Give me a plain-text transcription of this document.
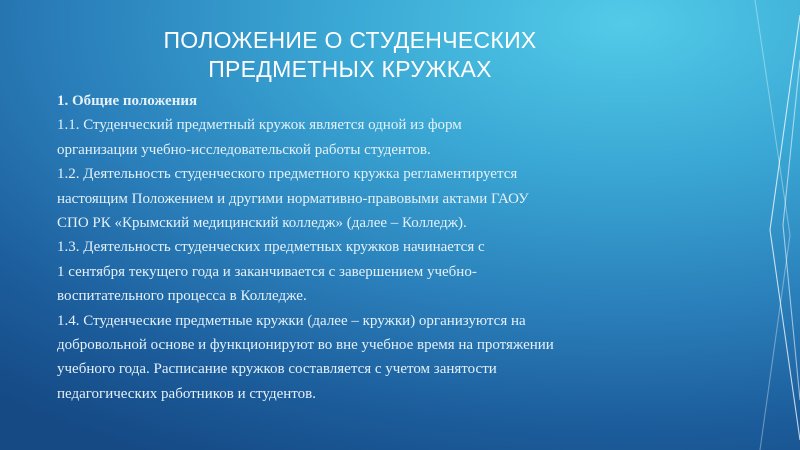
ПОЛОЖЕНИЕ О СТУДЕНЧЕСКИХ
ПРЕДМЕТНЫХ КРУЖКАХ
1. Общие положения
1.1. Студенческий предметный кружок является одной из форм
организации учебно-исследовательской работы студентов.
1.2. Деятельность студенческого предметного кружка регламентируется
настоящим Положением и другими нормативно-правовыми актами ГАОУ
СПО РК «Крымский медицинский колледж» (далее – Колледж).
1.3. Деятельность студенческих предметных кружков начинается с
1 сентября текущего года и заканчивается с завершением учебно-
воспитательного процесса в Колледже.
1.4. Студенческие предметные кружки (далее – кружки) организуются на
добровольной основе и функционируют во вне учебное время на протяжении
учебного года. Расписание кружков составляется с учетом занятости
педагогических работников и студентов.
